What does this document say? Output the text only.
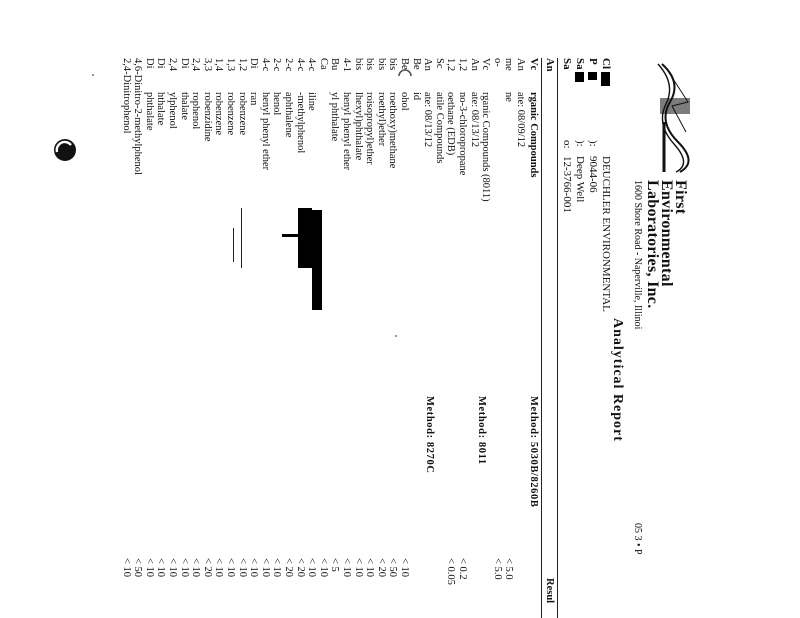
First
Environmental
Laboratories, Inc.
1600 Shore Road - Naperville, Illinoi
05 3 • P
Analytical Report
Cl
P
Sa
Sa
):
):
o:
DEUCHLER ENVIRONMENTAL
9044-06
Deep Well
12-3766-001
An
Resul
Method: 5030B/8260B
Method: 8011
Method: 8270C
Vc
rganic Compounds
An
ate: 08/09/12
me
ne
< 5.0
o-
< 5.0
Vc
rganic Compounds (8011)
An
ate: 08/13/12
1,2
no-3-chloropropane
< 0.2
1,2
oethane (EDB)
< 0.05
Sc
atile Compounds
An
ate: 08/13/12
Be
id
Be
ohol
< 10
bis
roethoxy)methane
< 50
bis
roethyl)ether
< 20
bis
roisopropyl)ether
< 10
bis
lhexyl)phthalate
< 10
4-1
henyl phenyl ether
< 10
Bu
yl phthalate
< 5
Ca
< 10
4-c
iline
< 10
4-c
-methylphenol
< 20
2-c
aphthalene
< 20
2-c
henol
< 10
4-c
henyl phenyl ether
< 10
Di
ran
< 10
1,2
robenzene
< 10
1,3
robenzene
< 10
1,4
robenzene
< 10
3,3
robenzidine
< 20
2,4
rophenol
< 10
Di
thalate
< 10
2,4
ylphenol
< 10
Di
hthalate
< 10
Di
phthalate
< 10
4,6-Dinitro-2-methylphenol
< 50
2,4-Dinitrophenol
< 10
